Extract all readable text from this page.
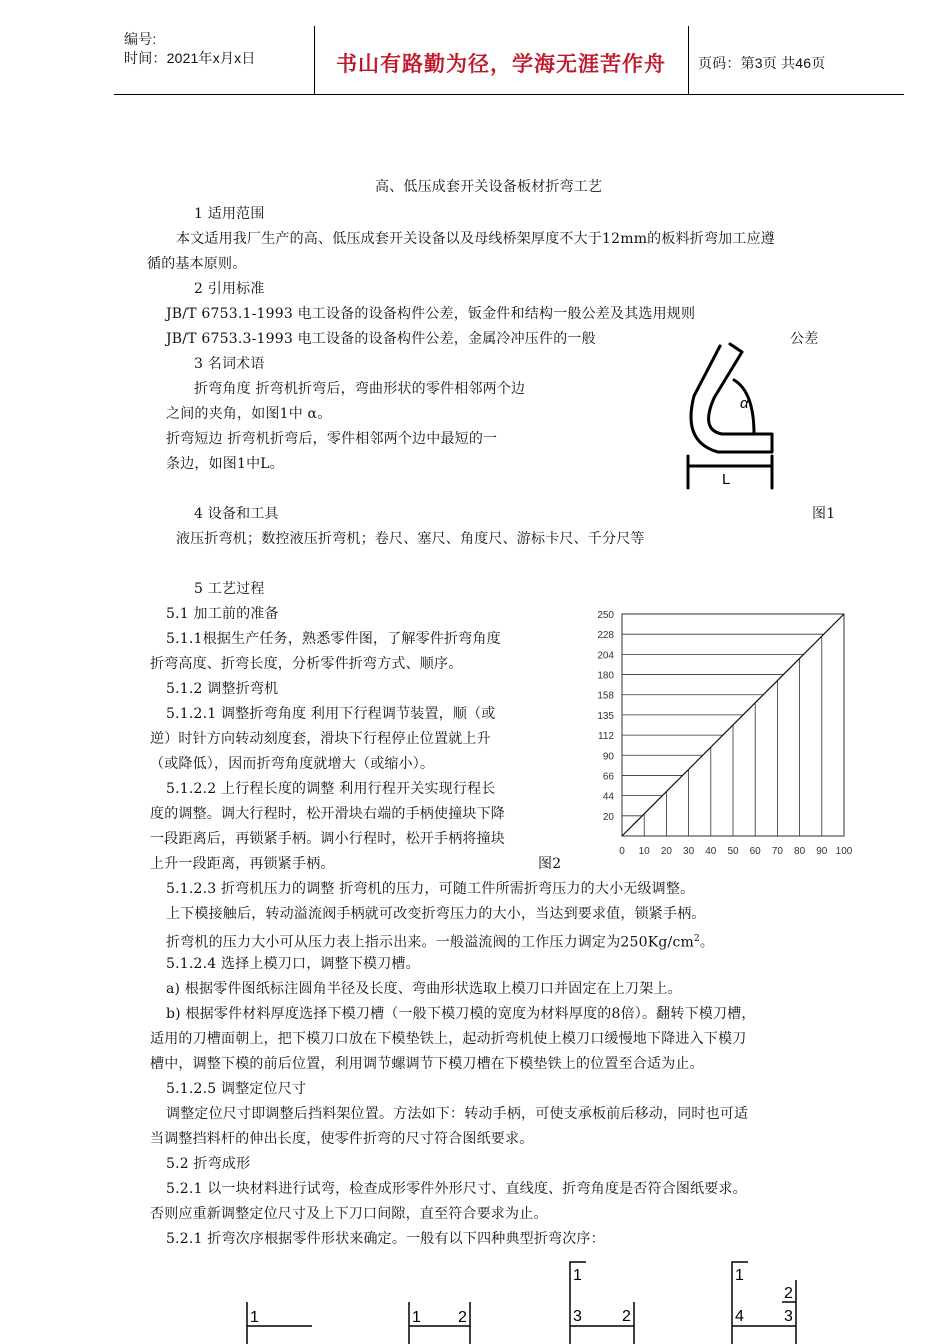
编号:
时间：2021年x月x日	书山有路勤为径，学海无涯苦作舟 页码：第3页 共46页
高、低压成套开关设备板材折弯工艺
1 适用范围
本文适用我厂生产的高、低压成套开关设备以及母线桥架厚度不大于12mm的板料折弯加工应遵
循的基本原则。
2 引用标准
JB/T 6753.1-1993 电工设备的设备构件公差，钣金件和结构一般公差及其选用规则
JB/T 6753.3-1993 电工设备的设备构件公差，金属冷冲压件的一般	公差
3 名词术语
折弯角度 折弯机折弯后，弯曲形状的零件相邻两个边
之间的夹角，如图1中 α。
折弯短边 折弯机折弯后，零件相邻两个边中最短的一
条边，如图1中L。
4 设备和工具	图1
液压折弯机；数控液压折弯机；卷尺、塞尺、角度尺、游标卡尺、千分尺等
5 工艺过程
5.1 加工前的准备
5.1.1根据生产任务，熟悉零件图，了解零件折弯角度
折弯高度、折弯长度，分析零件折弯方式、顺序。
5.1.2 调整折弯机
5.1.2.1 调整折弯角度 利用下行程调节装置，顺（或
逆）时针方向转动刻度套，滑块下行程停止位置就上升
（或降低），因而折弯角度就增大（或缩小）。
5.1.2.2 上行程长度的调整 利用行程开关实现行程长
度的调整。调大行程时，松开滑块右端的手柄使撞块下降
一段距离后，再锁紧手柄。调小行程时，松开手柄将撞块
上升一段距离，再锁紧手柄。	图2
5.1.2.3 折弯机压力的调整 折弯机的压力，可随工件所需折弯压力的大小无级调整。
上下模接触后，转动溢流阀手柄就可改变折弯压力的大小，当达到要求值，锁紧手柄。
折弯机的压力大小可从压力表上指示出来。一般溢流阀的工作压力调定为$250Kg/cm^2$。
5.1.2.4 选择上模刀口，调整下模刀槽。
a) 根据零件图纸标注圆角半径及长度、弯曲形状选取上模刀口并固定在上刀架上。
b) 根据零件材料厚度选择下模刀槽（一般下模刀模的宽度为材料厚度的8倍）。翻转下模刀槽，
适用的刀槽面朝上，把下模刀口放在下模垫铁上，起动折弯机使上模刀口缓慢地下降进入下模刀
槽中，调整下模的前后位置，利用调节螺调节下模刀槽在下模垫铁上的位置至合适为止。
5.1.2.5 调整定位尺寸
调整定位尺寸即调整后挡料架位置。方法如下：转动手柄，可使支承板前后移动，同时也可适
当调整挡料杆的伸出长度，使零件折弯的尺寸符合图纸要求。
5.2 折弯成形
5.2.1 以一块材料进行试弯，检查成形零件外形尺寸、直线度、折弯角度是否符合图纸要求。
否则应重新调整定位尺寸及上下刀口间隙，直至符合要求为止。
5.2.1 折弯次序根据零件形状来确定。一般有以下四种典型折弯次序：
α
L
20
44
66
90
112
135
158
180
204
228
250
0 10 20 30 40 50 60 70 80 90 100
1	1 2
1
3	2
1
2
4	3
